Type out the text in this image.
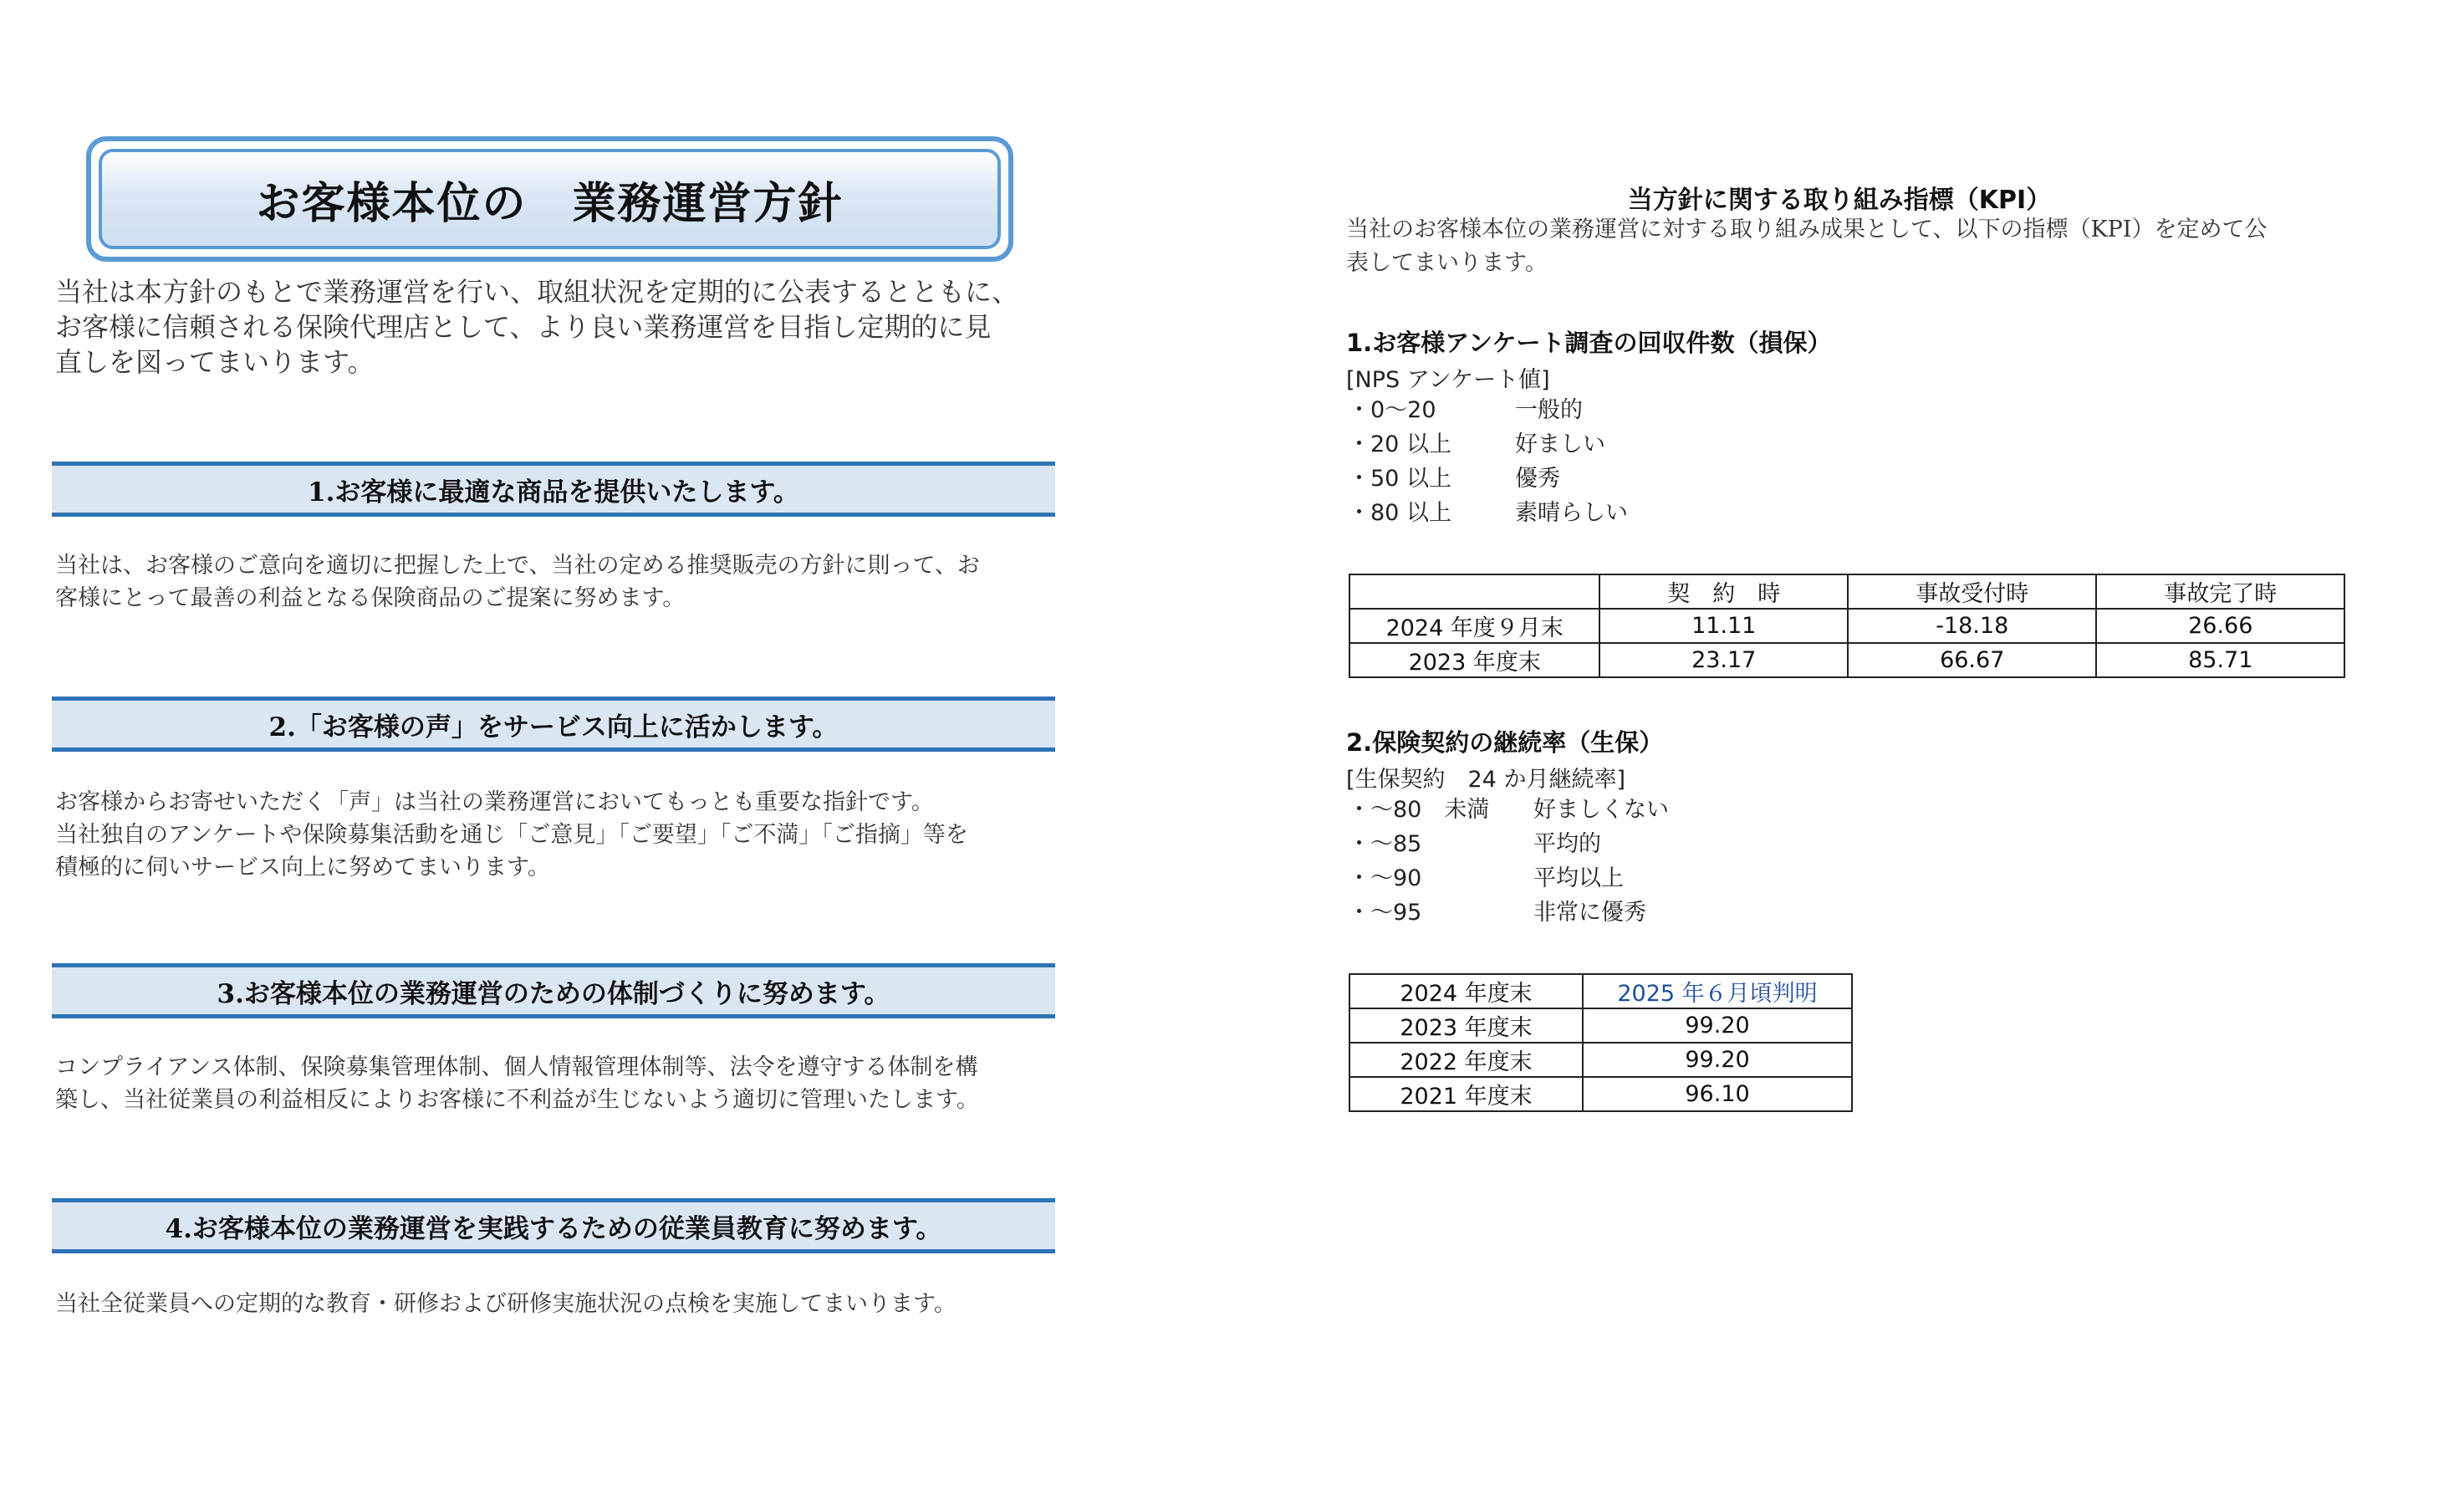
お客様本位の　業務運営方針
当社は本方針のもとで業務運営を行い、取組状況を定期的に公表するとともに、
お客様に信頼される保険代理店として、より良い業務運営を目指し定期的に見
直しを図ってまいります。
1.お客様に最適な商品を提供いたします。
当社は、お客様のご意向を適切に把握した上で、当社の定める推奨販売の方針に則って、お
客様にとって最善の利益となる保険商品のご提案に努めます。
2.「お客様の声」をサービス向上に活かします。
お客様からお寄せいただく「声」は当社の業務運営においてもっとも重要な指針です。
当社独自のアンケートや保険募集活動を通じ「ご意見」「ご要望」「ご不満」「ご指摘」等を
積極的に伺いサービス向上に努めてまいります。
3.お客様本位の業務運営のための体制づくりに努めます。
コンプライアンス体制、保険募集管理体制、個人情報管理体制等、法令を遵守する体制を構
築し、当社従業員の利益相反によりお客様に不利益が生じないよう適切に管理いたします。
4.お客様本位の業務運営を実践するための従業員教育に努めます。
当社全従業員への定期的な教育・研修および研修実施状況の点検を実施してまいります。
当方針に関する取り組み指標（KPI）
当社のお客様本位の業務運営に対する取り組み成果として、以下の指標（KPI）を定めて公
表してまいります。
1.お客様アンケート調査の回収件数（損保）
[NPS アンケート値]
・0～20	一般的
・20 以上	好ましい
・50 以上	優秀
・80 以上	素晴らしい
	契　約　時	事故受付時	事故完了時
2024 年度９月末	11.11	-18.18	26.66
2023 年度末	23.17	66.67	85.71
2.保険契約の継続率（生保）
[生保契約　24 か月継続率]
・～80　未満	好ましくない
・～85	平均的
・～90	平均以上
・～95	非常に優秀
2024 年度末	2025 年６月頃判明
2023 年度末	99.20
2022 年度末	99.20
2021 年度末	96.10
